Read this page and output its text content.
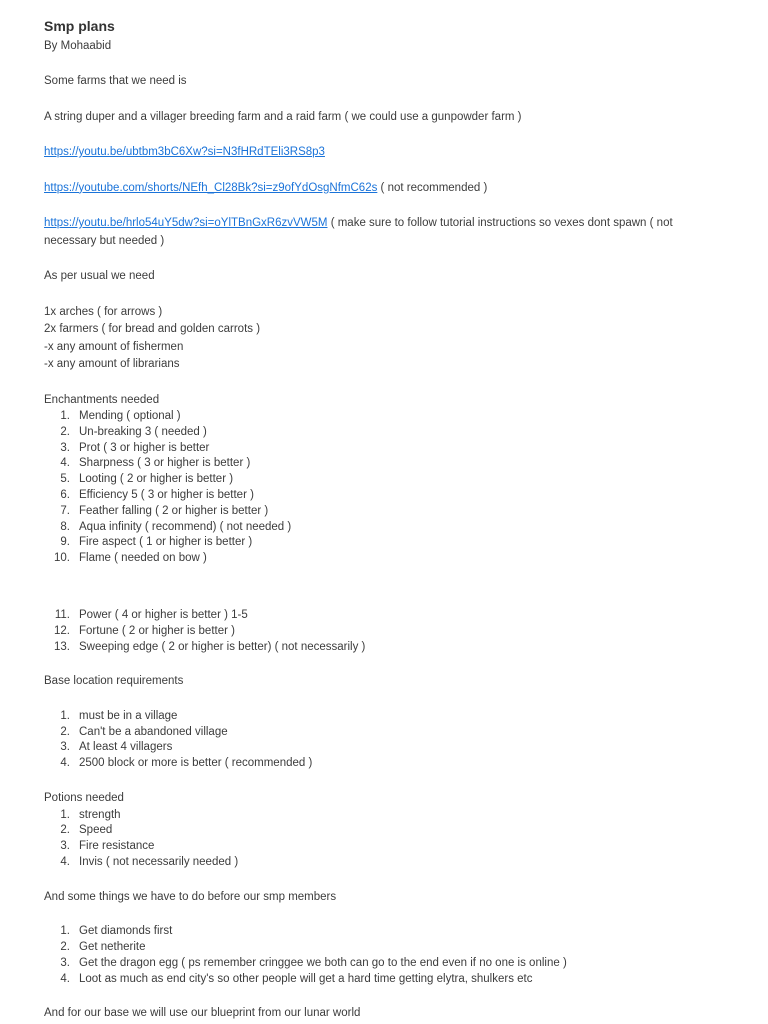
Smp plans
By Mohaabid

Some farms that we need is

A string duper and a villager breeding farm and a raid farm ( we could use a gunpowder farm )

https://youtu.be/ubtbm3bC6Xw?si=N3fHRdTEli3RS8p3

https://youtube.com/shorts/NEfh_Cl28Bk?si=z9ofYdOsgNfmC62s ( not recommended )

https://youtu.be/hrlo54uY5dw?si=oYlTBnGxR6zvVW5M ( make sure to follow tutorial instructions so vexes dont spawn ( not necessary but needed )

As per usual we need

1x arches ( for arrows )

2x farmers ( for bread and golden carrots )

-x any amount of fishermen

-x any amount of librarians

Enchantments needed

1. Mending ( optional )
2. Un-breaking 3 ( needed )
3. Prot ( 3 or higher is better
4. Sharpness ( 3 or higher is better )
5. Looting ( 2 or higher is better )
6. Efficiency 5 ( 3 or higher is better )
7. Feather falling ( 2 or higher is better )
8. Aqua infinity ( recommend) ( not needed )
9. Fire aspect ( 1 or higher is better )
10. Flame ( needed on bow )
11. Power ( 4 or higher is better ) 1-5
12. Fortune ( 2 or higher is better )
13. Sweeping edge ( 2 or higher is better) ( not necessarily )

Base location requirements

1. must be in a village
2. Can't be a abandoned village
3. At least 4 villagers
4. 2500 block or more is better ( recommended )

Potions needed

1. strength
2. Speed
3. Fire resistance
4. Invis ( not necessarily needed )

And some things we have to do before our smp members

1. Get diamonds first
2. Get netherite
3. Get the dragon egg ( ps remember cringgee we both can go to the end even if no one is online )
4. Loot as much as end city's so other people will get a hard time getting elytra, shulkers etc

And for our base we will use our blueprint from our lunar world
